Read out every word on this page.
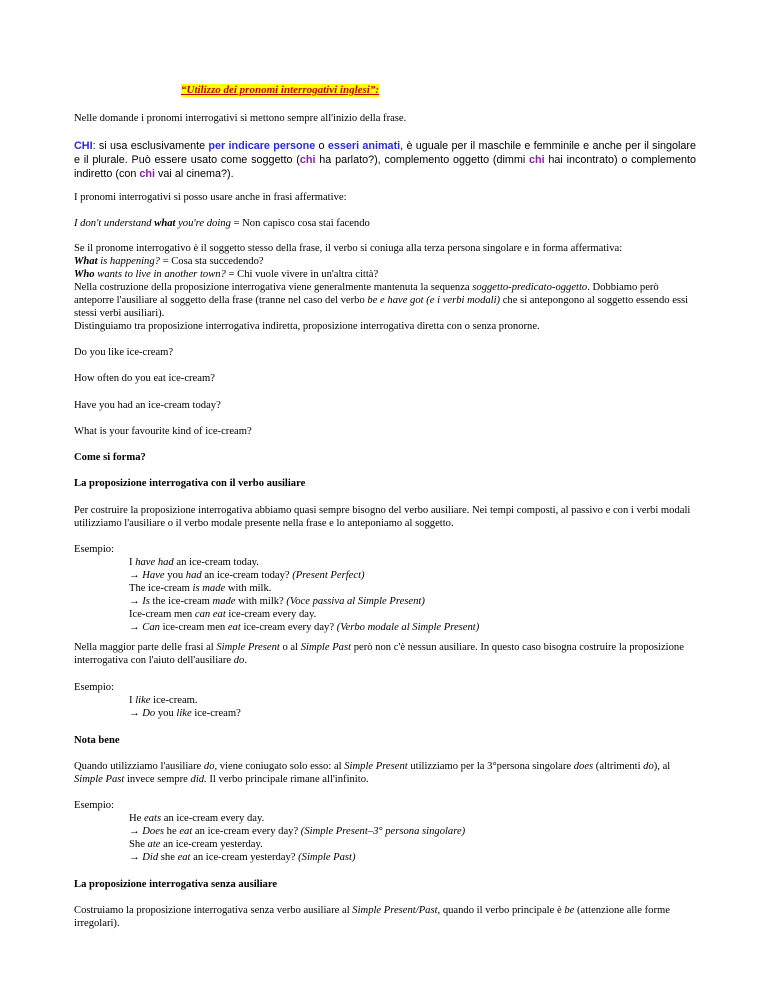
“Utilizzo dei pronomi interrogativi inglesi”:
Nelle domande i pronomi interrogativi si mettono sempre all'inizio della frase.
CHI: si usa esclusivamente per indicare persone o esseri animati, è uguale per il maschile e femminile e anche per il singolare e il plurale. Può essere usato come soggetto (chi ha parlato?), complemento oggetto (dimmi chi hai incontrato) o complemento indiretto (con chi vai al cinema?).
I pronomi interrogativi si posso usare anche in frasi affermative:
I don't understand what you're doing = Non capisco cosa stai facendo
Se il pronome interrogativo è il soggetto stesso della frase, il verbo si coniuga alla terza persona singolare e in forma affermativa:
What is happening? = Cosa sta succedendo?
Who wants to live in another town? = Chi vuole vivere in un'altra città?
Nella costruzione della proposizione interrogativa viene generalmente mantenuta la sequenza soggetto-predicato-oggetto. Dobbiamo però anteporre l'ausiliare al soggetto della frase (tranne nel caso del verbo be e have got (e i verbi modali) che si antepongono al soggetto essendo essi stessi verbi ausiliari).
Distinguiamo tra proposizione interrogativa indiretta, proposizione interrogativa diretta con o senza pronorne.
Do you like ice-cream?
How often do you eat ice-cream?
Have you had an ice-cream today?
What is your favourite kind of ice-cream?
Come si forma?
La proposizione interrogativa con il verbo ausiliare
Per costruire la proposizione interrogativa abbiamo quasi sempre bisogno del verbo ausiliare. Nei tempi composti, al passivo e con i verbi modali utilizziamo l'ausiliare o il verbo modale presente nella frase e lo anteponiamo al soggetto.
Esempio:
I have had an ice-cream today.
→ Have you had an ice-cream today? (Present Perfect)
The ice-cream is made with milk.
→ Is the ice-cream made with milk? (Voce passiva al Simple Present)
Ice-cream men can eat ice-cream every day.
→ Can ice-cream men eat ice-cream every day? (Verbo modale al Simple Present)
Nella maggior parte delle frasi al Simple Present o al Simple Past però non c'è nessun ausiliare. In questo caso bisogna costruire la proposizione interrogativa con l'aiuto dell'ausiliare do.
Esempio:
I like ice-cream.
→ Do you like ice-cream?
Nota bene
Quando utilizziamo l'ausiliare do, viene coniugato solo esso: al Simple Present utilizziamo per la 3°persona singolare does (altrimenti do), al Simple Past invece sempre did. Il verbo principale rimane all'infinito.
Esempio:
He eats an ice-cream every day.
→ Does he eat an ice-cream every day? (Simple Present–3° persona singolare)
She ate an ice-cream yesterday.
→ Did she eat an ice-cream yesterday? (Simple Past)
La proposizione interrogativa senza ausiliare
Costruiamo la proposizione interrogativa senza verbo ausiliare al Simple Present/Past, quando il verbo principale è be (attenzione alle forme irregolari).
